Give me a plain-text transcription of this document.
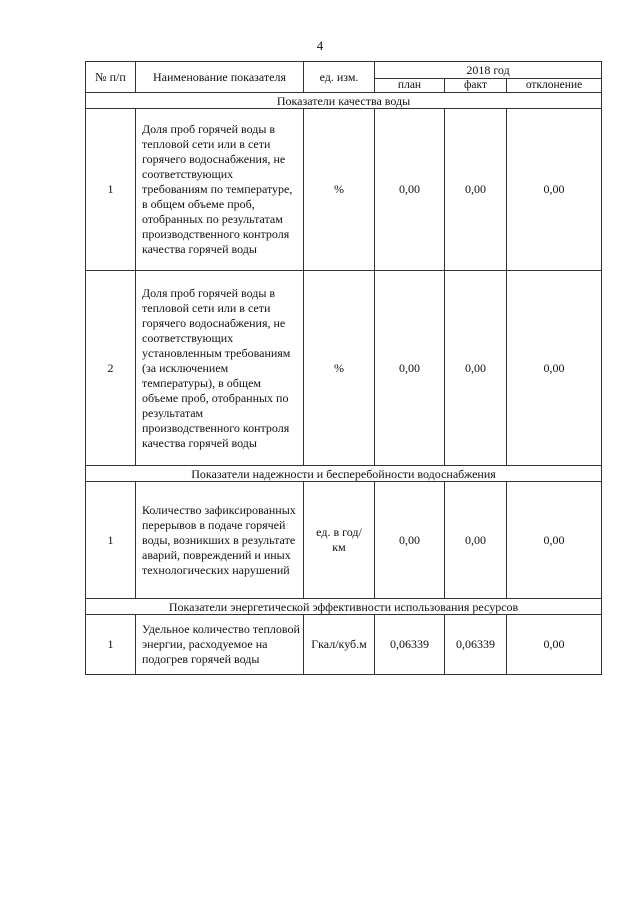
4
№ п/п	Наименование показателя	ед. изм.	2018 год		
			план	факт	отклонение
Показатели качества воды					
1	Доля проб горячей воды в тепловой сети или в сети горячего водоснабжения, не соответствующих требованиям по температуре, в общем объеме проб, отобранных по результатам производственного контроля качества горячей воды	%	0,00	0,00	0,00
2	Доля проб горячей воды в тепловой сети или в сети горячего водоснабжения, не соответствующих установленным требованиям (за исключением температуры), в общем объеме проб, отобранных по результатам производственного контроля качества горячей воды	%	0,00	0,00	0,00
Показатели надежности и бесперебойности водоснабжения					
1	Количество зафиксированных перерывов в подаче горячей воды, возникших в результате аварий, повреждений и иных технологических нарушений	ед. в год/ км	0,00	0,00	0,00
Показатели энергетической эффективности использования ресурсов					
1	Удельное количество тепловой энергии, расходуемое на подогрев горячей воды	Гкал/куб.м	0,06339	0,06339	0,00
